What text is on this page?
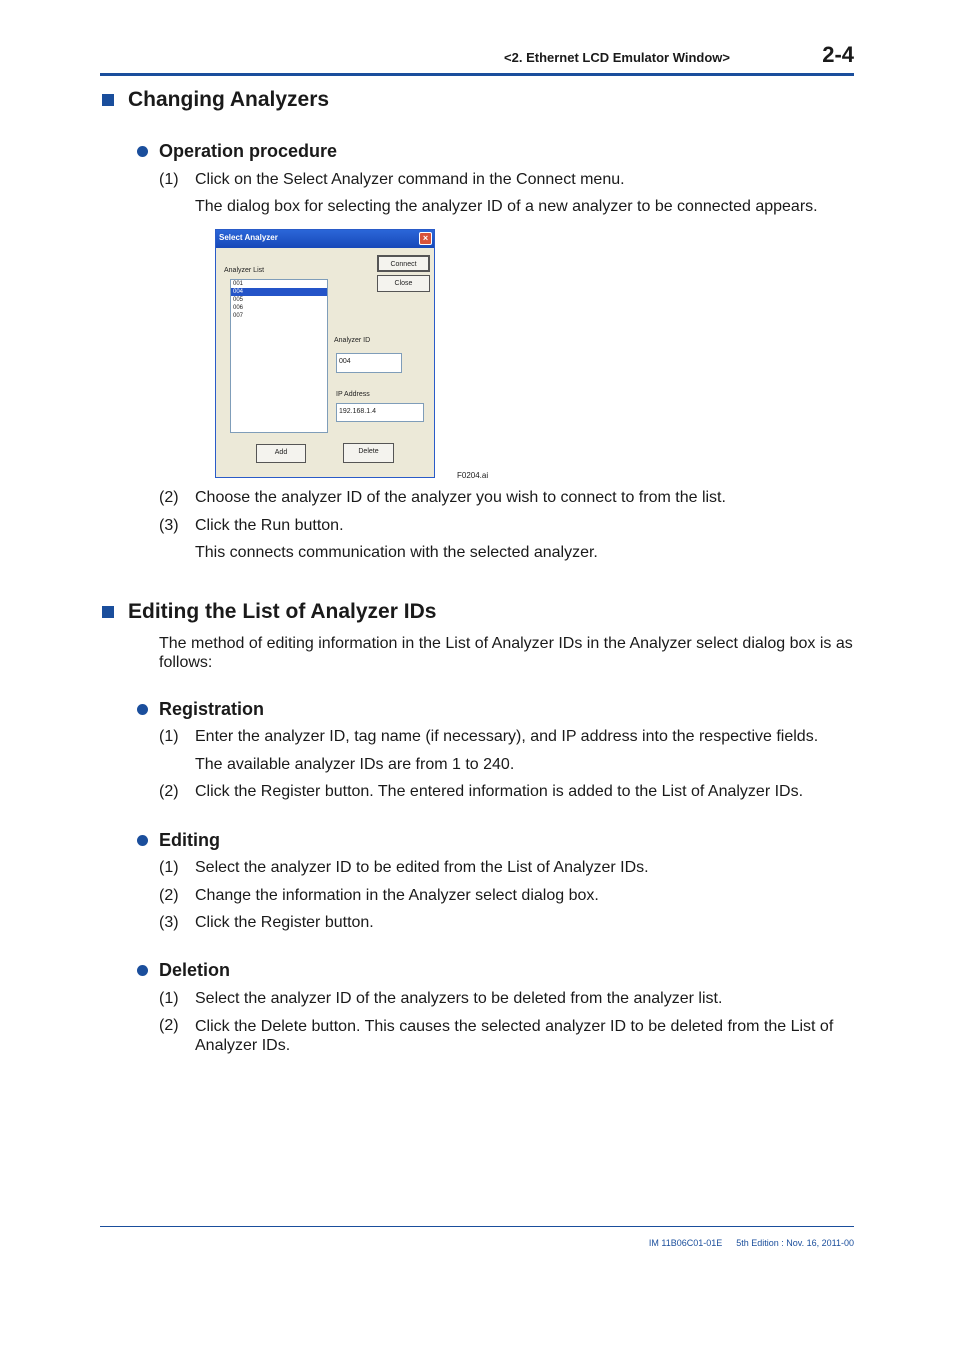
<2. Ethernet LCD Emulator Window>	2-4
Changing Analyzers
Operation procedure
(1) Click on the Select Analyzer command in the Connect menu.
The dialog box for selecting the analyzer ID of a new analyzer to be connected appears.
Select Analyzer	×
Analyzer List
001
004
005
006
007
Connect
Close
Analyzer ID
004
IP Address
192.168.1.4
Add	Delete
F0204.ai
(2) Choose the analyzer ID of the analyzer you wish to connect to from the list.
(3) Click the Run button.
This connects communication with the selected analyzer.
Editing the List of Analyzer IDs
The method of editing information in the List of Analyzer IDs in the Analyzer select dialog box is as follows:
Registration
(1) Enter the analyzer ID, tag name (if necessary), and IP address into the respective fields.
The available analyzer IDs are from 1 to 240.
(2) Click the Register button. The entered information is added to the List of Analyzer IDs.
Editing
(1) Select the analyzer ID to be edited from the List of Analyzer IDs.
(2) Change the information in the Analyzer select dialog box.
(3) Click the Register button.
Deletion
(1) Select the analyzer ID of the analyzers to be deleted from the analyzer list.
(2) Click the Delete button. This causes the selected analyzer ID to be deleted from the List of Analyzer IDs.
IM 11B06C01-01E 5th Edition : Nov. 16, 2011-00
